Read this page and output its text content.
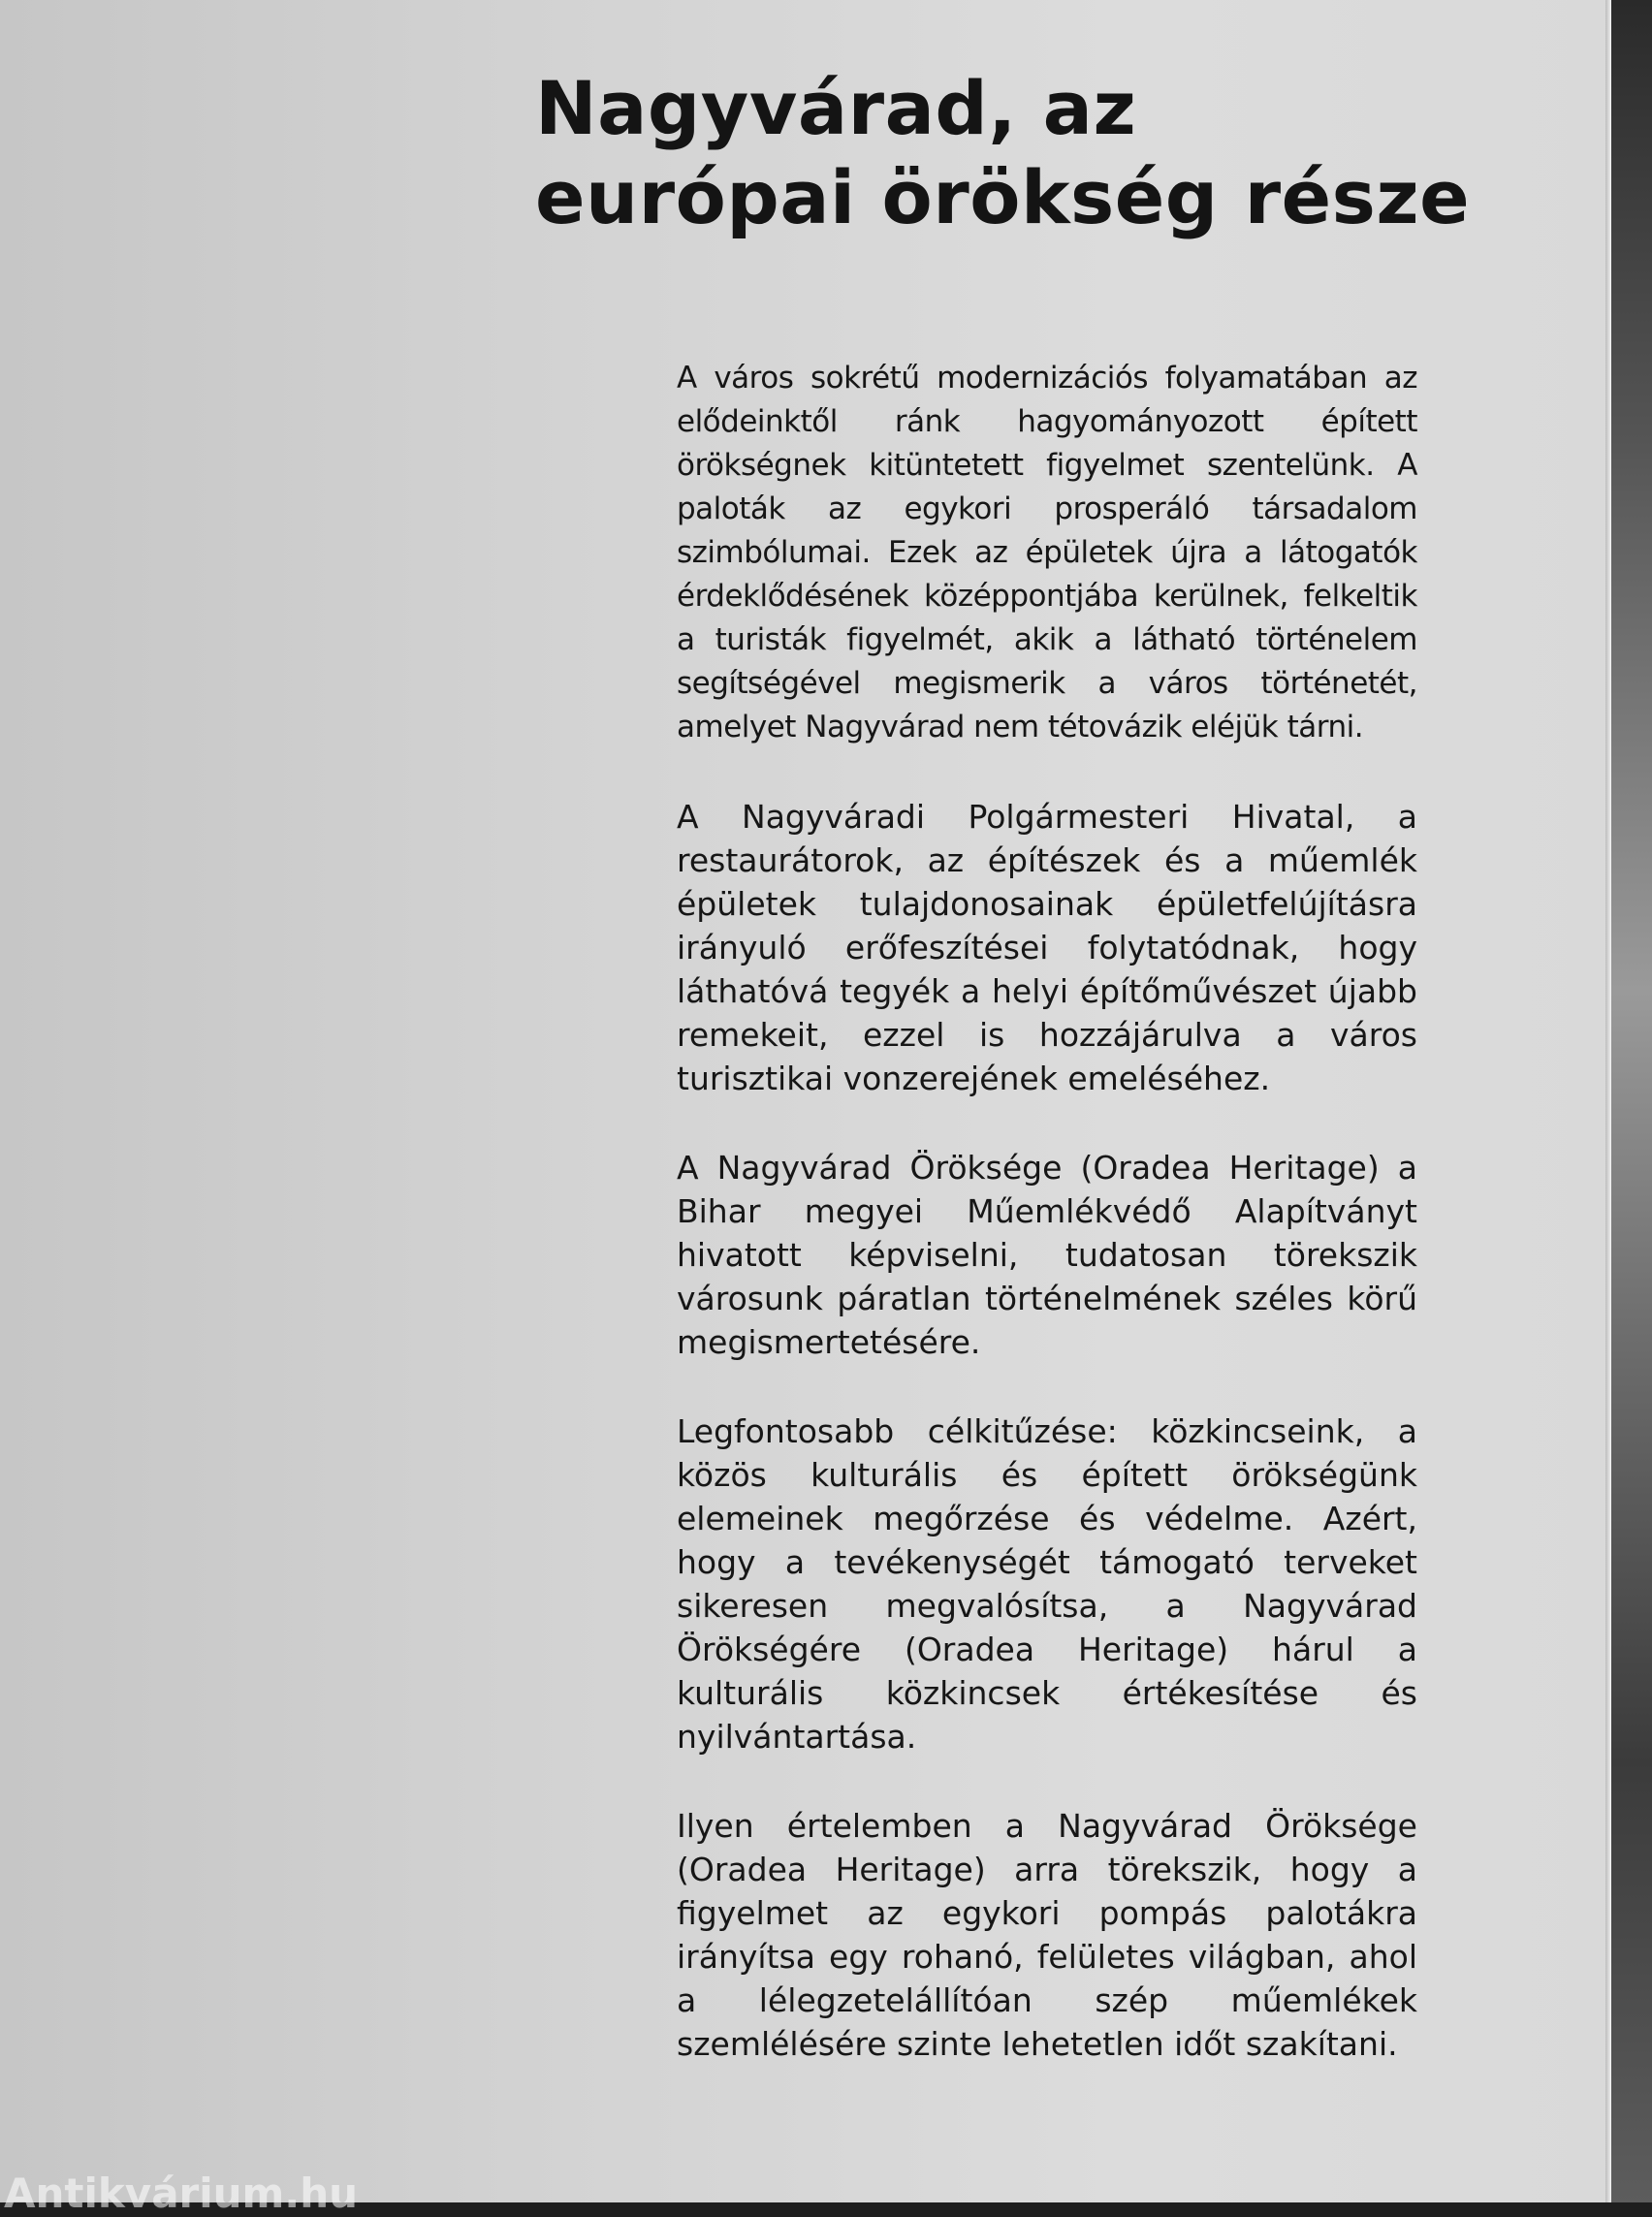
Nagyvárad, az
európai örökség része

A város sokrétű modernizációs folyamatában az elődeinktől ránk hagyományozott épített örökségnek kitüntetett figyelmet szentelünk. A paloták az egykori prosperáló társadalom szimbólumai. Ezek az épületek újra a látogatók érdeklődésének középpontjába kerülnek, felkeltik a turisták figyelmét, akik a látható történelem segítségével megismerik a város történetét, amelyet Nagyvárad nem tétovázik eléjük tárni.

A Nagyváradi Polgármesteri Hivatal, a restaurátorok, az építészek és a műemlék épületek tulajdonosainak épületfelújításra irányuló erőfeszítései folytatódnak, hogy láthatóvá tegyék a helyi építőművészet újabb remekeit, ezzel is hozzájárulva a város turisztikai vonzerejének emeléséhez.

A Nagyvárad Öröksége (Oradea Heritage) a Bihar megyei Műemlékvédő Alapítványt hivatott képviselni, tudatosan törekszik városunk páratlan történelmének széles körű megismertetésére.

Legfontosabb célkitűzése: közkincseink, a közös kulturális és épített örökségünk elemeinek megőrzése és védelme. Azért, hogy a tevékenységét támogató terveket sikeresen megvalósítsa, a Nagyvárad Örökségére (Oradea Heritage) hárul a kulturális közkincsek értékesítése és nyilvántartása.

Ilyen értelemben a Nagyvárad Öröksége (Oradea Heritage) arra törekszik, hogy a figyelmet az egykori pompás palotákra irányítsa egy rohanó, felületes világban, ahol a lélegzetelállítóan szép műemlékek szemlélésére szinte lehetetlen időt szakítani.

Antikvárium.hu
